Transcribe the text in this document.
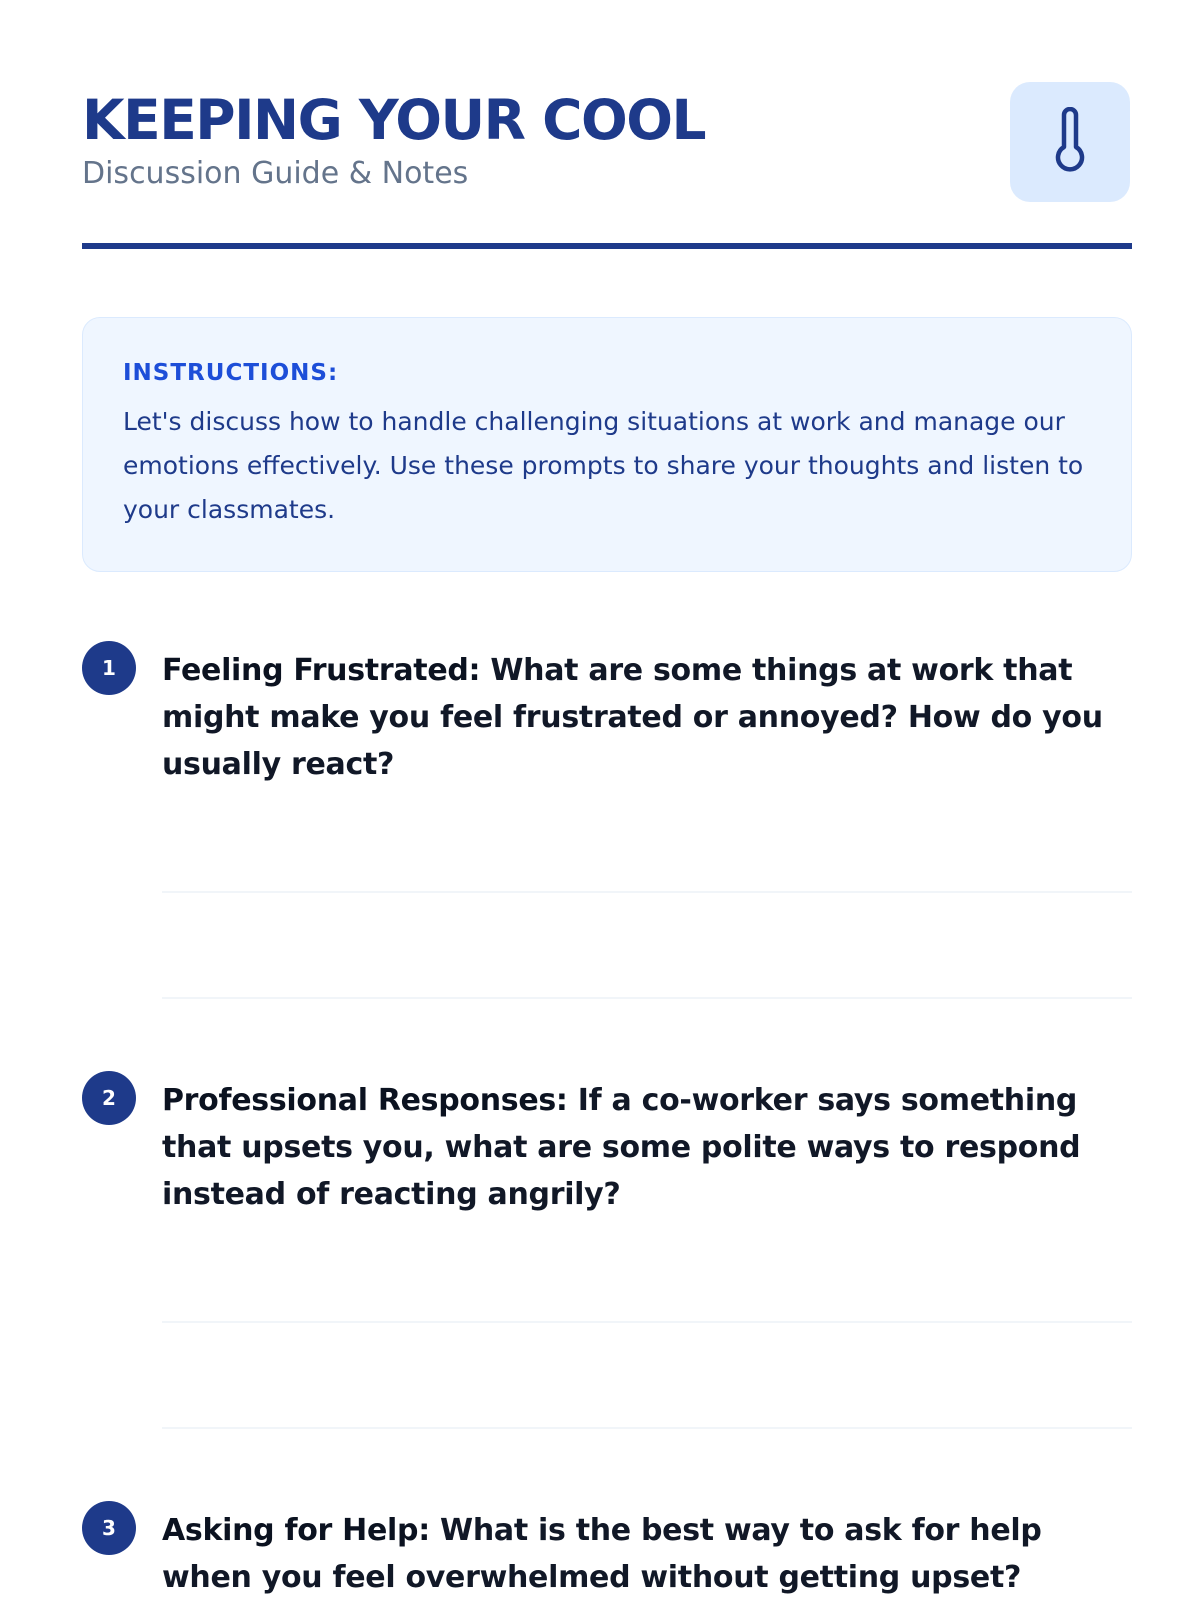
KEEPING YOUR COOL
Discussion Guide & Notes
INSTRUCTIONS:
Let's discuss how to handle challenging situations at work and manage our emotions effectively. Use these prompts to share your thoughts and listen to your classmates.
1	Feeling Frustrated: What are some things at work that might make you feel frustrated or annoyed? How do you usually react?
2	Professional Responses: If a co-worker says something that upsets you, what are some polite ways to respond instead of reacting angrily?
3	Asking for Help: What is the best way to ask for help when you feel overwhelmed without getting upset?
